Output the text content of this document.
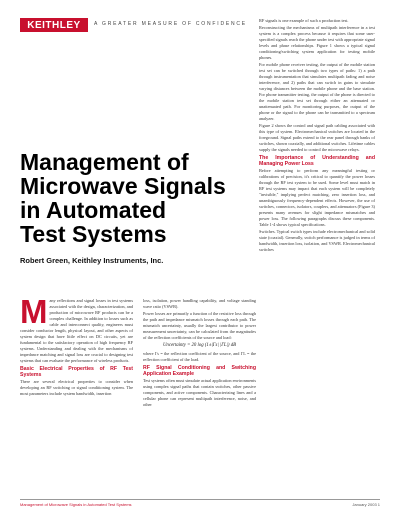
KEITHLEY	A GREATER MEASURE OF CONFIDENCE
Management of
Microwave Signals
in Automated
Test Systems
Robert Green, Keithley Instruments, Inc.

Many reflections and signal losses in test systems associated with the design, characterization, and production of microwave RF products can be a complex challenge. In addition to losses such as cable and interconnect quality, engineers must consider conductor length, physical layout, and other aspects of system design that have little effect on DC circuits, yet are fundamental to the satisfactory operation of high frequency RF systems. Understanding and dealing with the mechanisms of impedance matching and signal loss are crucial to designing test systems that can evaluate the performance of wireless products.

Basic Electrical Properties of RF Test Systems

There are several electrical properties to consider when developing an RF switching or signal conditioning system. The most parameters include system bandwidth, insertion

loss, isolation, power handling capability, and voltage standing wave ratio (VSWR).

Power losses are primarily a function of the resistive loss through the path and impedance mismatch losses through each path. The mismatch uncertainty, usually the largest contributor to power measurement uncertainty, can be calculated from the magnitudes of the reflection coefficients of the source and load:

Uncertainty = 20 log (1±|Γs| |ΓL|) dB

where Γs = the reflection coefficient of the source, and ΓL = the reflection coefficient of the load.

RF Signal Conditioning and Switching Application Example

Test systems often must simulate actual application environments using complex signal paths that contain switches, other passive components, and active components. Characterizing lines and a cellular phone can represent multipath interference, noise, and other

RF signals is one example of such a production test.

Reconstructing the mechanisms of multipath interference in a test system is a complex process because it requires that some user-specified signals reach the phone under test with appropriate signal levels and phase relationships. Figure 1 shows a typical signal conditioning/switching system application for testing mobile phones.

For mobile phone receiver testing, the output of the mobile station test set can be switched through two types of paths: 1) a path through instrumentation that simulates multipath fading and noise interference, and 2) paths that can switch in gains to simulate varying distances between the mobile phone and the base station. For phone transmitter testing, the output of the phone is directed to the mobile station test set through either an attenuated or unattenuated path. For monitoring purposes, the output of the phone or the signal to the phone can be transmitted to a spectrum analyzer.

Figure 2 shows the control and signal path cabling associated with this type of system. Electromechanical switches are located in the foreground. Signal paths extend to the rear panel through banks of switches, shown coaxially, and additional switches. Lifetime cables supply the signals needed to control the microwave relays.

The Importance of Understanding and Managing Power Loss

Before attempting to perform any meaningful testing or calibrations of precision, it's critical to quantify the power losses through the RF test system to be used. Some level must match in RF test systems may impact that each system will be completely "invisible," implying perfect matching, zero insertion loss, and unambiguously frequency-dependent effects. However, the use of switches, connectors, isolators, couplers, and attenuators (Figure 3) presents many avenues for slight impedance mismatches and power loss. The following paragraphs discuss these components. Table 1-4 shows typical specifications.

Switches. Typical switch types include electromechanical and solid state (coaxial). Generally, switch performance is judged in terms of bandwidth, insertion loss, isolation, and VSWR. Electromechanical switches

Management of Microwave Signals in Automated Test Systems	January 2003 1
